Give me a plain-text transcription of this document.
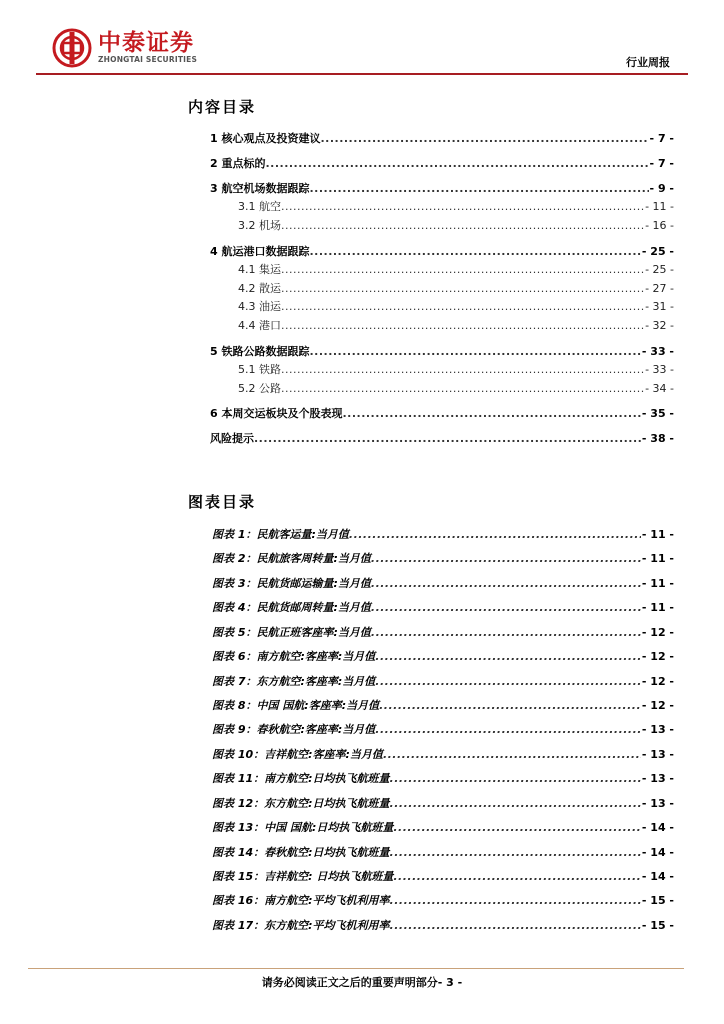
中泰证券
ZHONGTAI SECURITIES	行业周报
内容目录
1 核心观点及投资建议 .....	- 7 -
2 重点标的 .....	- 7 -
3 航空机场数据跟踪 .....	- 9 -
3.1 航空 .....	- 11 -
3.2 机场 .....	- 16 -
4 航运港口数据跟踪 .....	- 25 -
4.1 集运 .....	- 25 -
4.2 散运 .....	- 27 -
4.3 油运 .....	- 31 -
4.4 港口 .....	- 32 -
5 铁路公路数据跟踪 .....	- 33 -
5.1 铁路 .....	- 33 -
5.2 公路 .....	- 34 -
6 本周交运板块及个股表现 .....	- 35 -
风险提示 .....	- 38 -
图表目录
图表 1：民航客运量:当月值 .....	- 11 -
图表 2：民航旅客周转量:当月值 .....	- 11 -
图表 3：民航货邮运输量:当月值 .....	- 11 -
图表 4：民航货邮周转量:当月值 .....	- 11 -
图表 5：民航正班客座率:当月值 .....	- 12 -
图表 6：南方航空:客座率:当月值 .....	- 12 -
图表 7：东方航空:客座率:当月值 .....	- 12 -
图表 8：中国 国航:客座率:当月值 .....	- 12 -
图表 9：春秋航空:客座率:当月值 .....	- 13 -
图表 10：吉祥航空:客座率:当月值 .....	- 13 -
图表 11：南方航空:日均执飞航班量 .....	- 13 -
图表 12：东方航空:日均执飞航班量 .....	- 13 -
图表 13：中国 国航:日均执飞航班量 .....	- 14 -
图表 14：春秋航空:日均执飞航班量 .....	- 14 -
图表 15：吉祥航空: 日均执飞航班量 .....	- 14 -
图表 16：南方航空:平均飞机利用率 .....	- 15 -
图表 17：东方航空:平均飞机利用率 .....	- 15 -
请务必阅读正文之后的重要声明部分- 3 -
